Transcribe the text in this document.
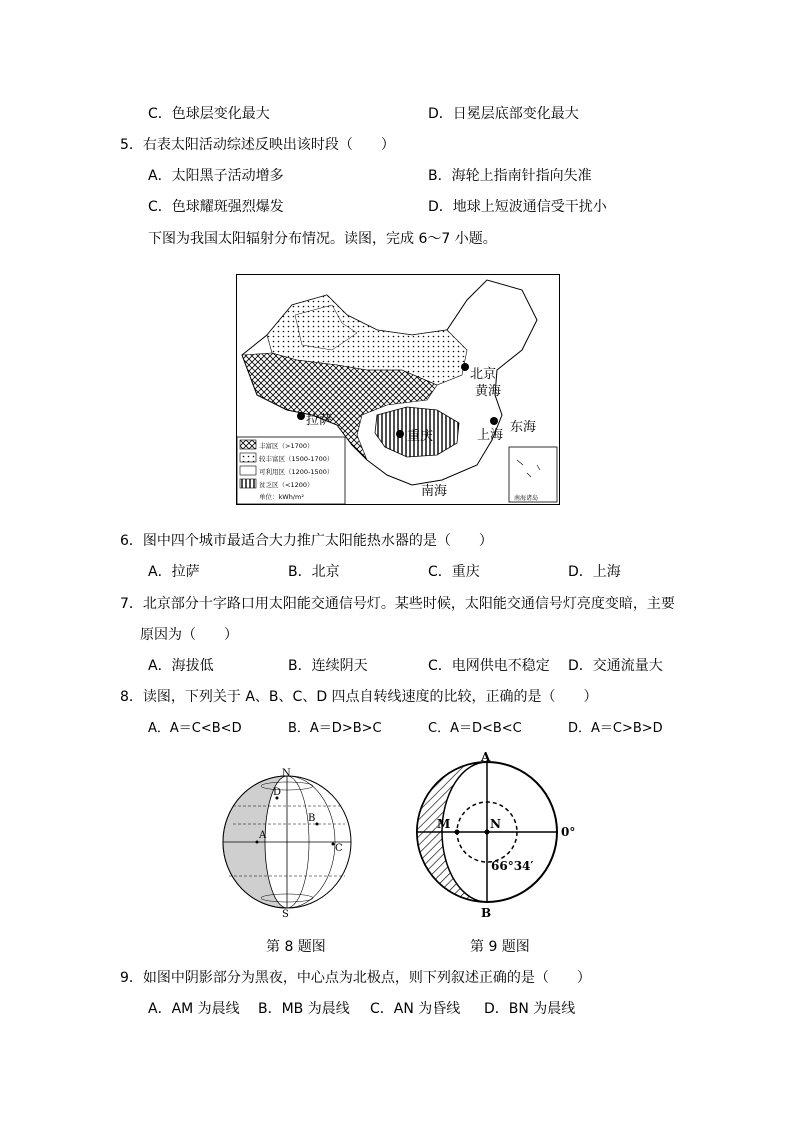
C．色球层变化最大	D．日冕层底部变化最大
5．右表太阳活动综述反映出该时段（　　）
A．太阳黑子活动增多	B．海轮上指南针指向失准
C．色球耀斑强烈爆发	D．地球上短波通信受干扰小
下图为我国太阳辐射分布情况。读图，完成 6～7 小题。
北京
拉萨
重庆	上海
黄海
东海
南海	南海诸岛
丰富区（>1700）
较丰富区（1500-1700）
可利用区（1200-1500）
贫乏区（<1200）
单位：kWh/m²
6．图中四个城市最适合大力推广太阳能热水器的是（　　）
A．拉萨	B．北京	C．重庆	D．上海
7．北京部分十字路口用太阳能交通信号灯。某些时候，太阳能交通信号灯亮度变暗，主要
原因为（　　）
A．海拔低	B．连续阴天	C．电网供电不稳定 D．交通流量大
8．读图，下列关于 A、B、C、D 四点自转线速度的比较，正确的是（　　）
A．A＝C<B<D	B．A＝D>B>C	C．A＝D<B<C	D．A＝C>B>D
N
S
A
B
C
D
第 8 题图
A
B
M	N
0°
66°34′
第 9 题图
9．如图中阴影部分为黑夜，中心点为北极点，则下列叙述正确的是（　　）
A．AM 为晨线 B．MB 为晨线 C．AN 为昏线 D．BN 为晨线
